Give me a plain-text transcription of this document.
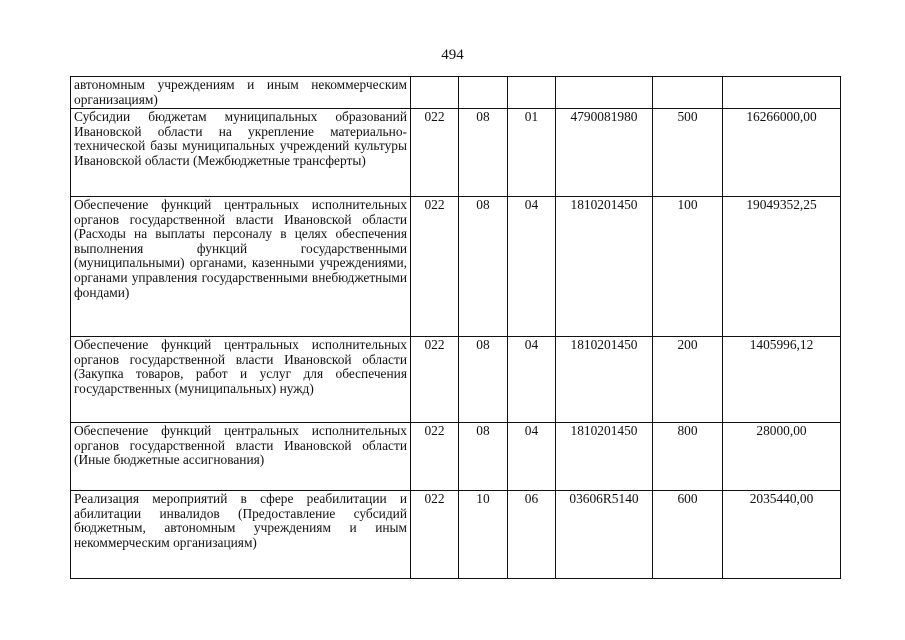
494
автономным учреждениям и иным некоммерческим организациям)						
Субсидии бюджетам муниципальных образований Ивановской области на укрепление материально-технической базы муниципальных учреждений культуры Ивановской области (Межбюджетные трансферты)	022	08	01	4790081980	500	16266000,00
Обеспечение функций центральных исполнительных органов государственной власти Ивановской области (Расходы на выплаты персоналу в целях обеспечения выполнения функций государственными (муниципальными) органами, казенными учреждениями, органами управления государственными внебюджетными фондами)	022	08	04	1810201450	100	19049352,25
Обеспечение функций центральных исполнительных органов государственной власти Ивановской области (Закупка товаров, работ и услуг для обеспечения государственных (муниципальных) нужд)	022	08	04	1810201450	200	1405996,12
Обеспечение функций центральных исполнительных органов государственной власти Ивановской области (Иные бюджетные ассигнования)	022	08	04	1810201450	800	28000,00
Реализация мероприятий в сфере реабилитации и абилитации инвалидов (Предоставление субсидий бюджетным, автономным учреждениям и иным некоммерческим организациям)	022	10	06	03606R5140	600	2035440,00
